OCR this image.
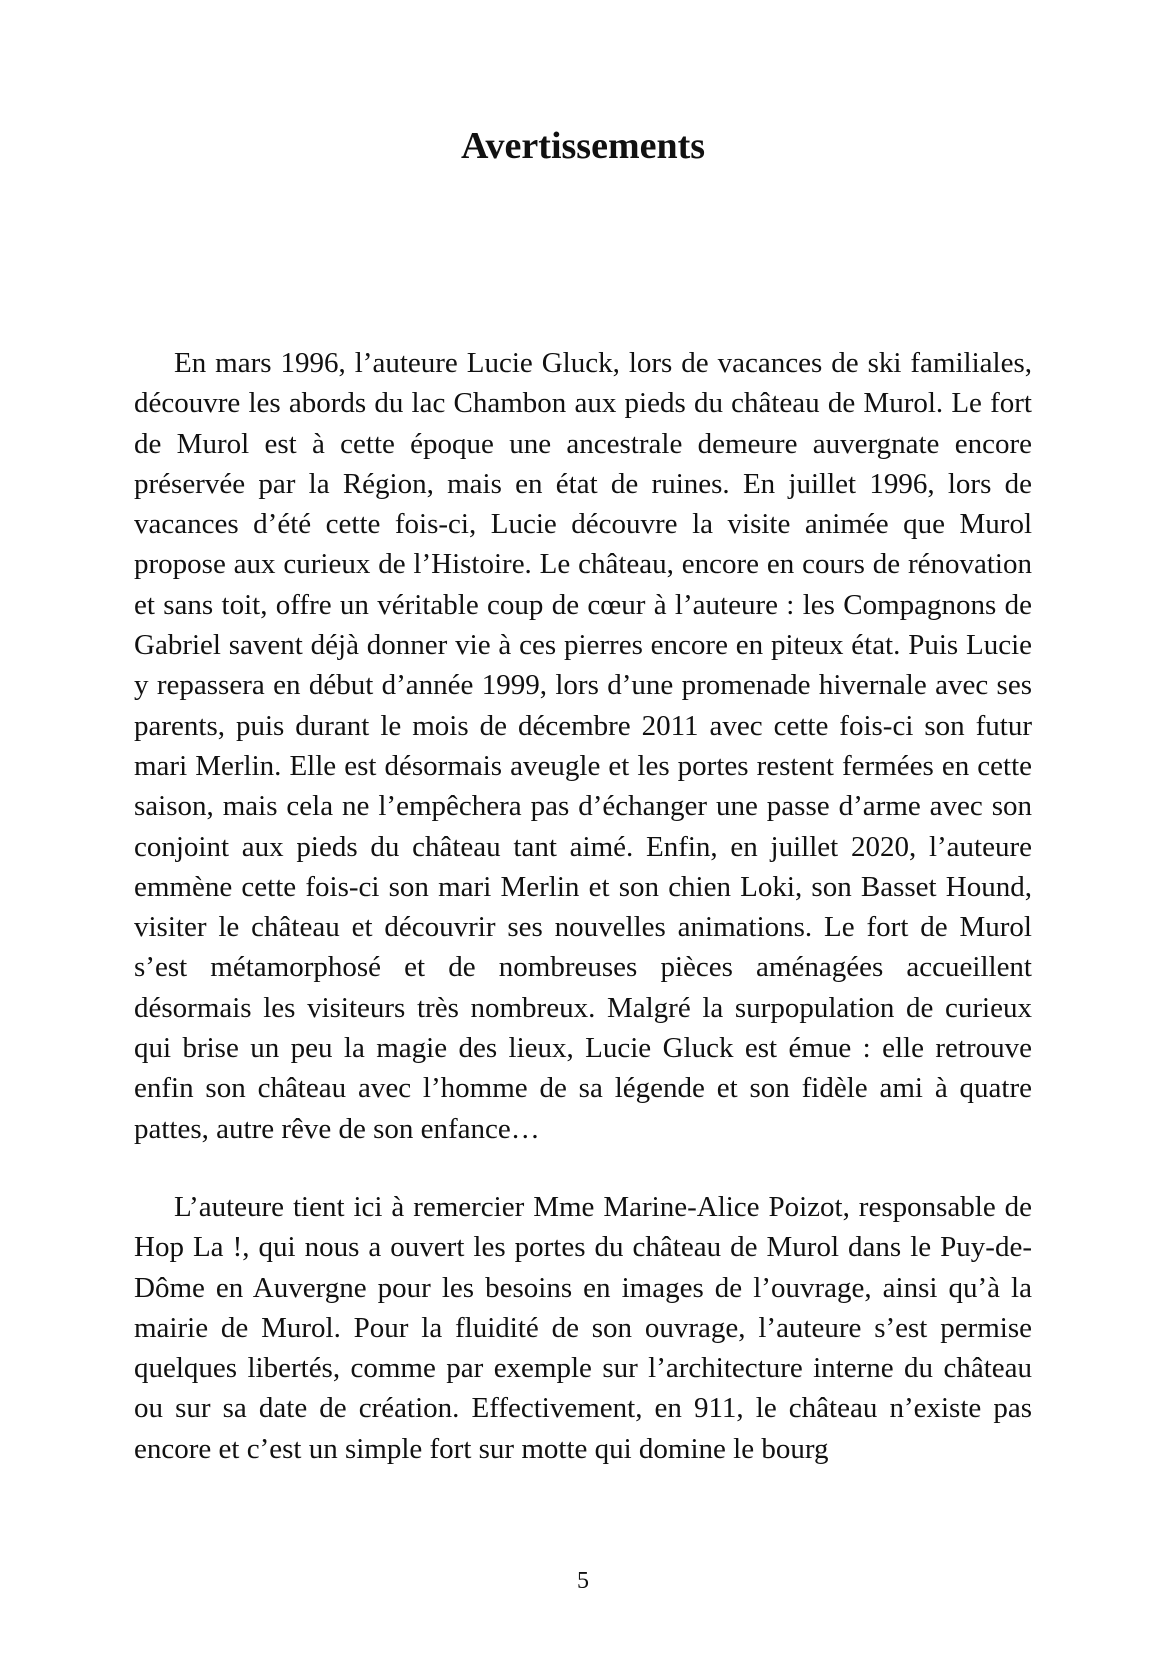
Avertissements

En mars 1996, l’auteure Lucie Gluck, lors de vacances de ski familiales, découvre les abords du lac Chambon aux pieds du château de Murol. Le fort de Murol est à cette époque une ancestrale demeure auvergnate encore préservée par la Région, mais en état de ruines. En juillet 1996, lors de vacances d’été cette fois-ci, Lucie découvre la visite animée que Murol propose aux curieux de l’Histoire. Le château, encore en cours de rénovation et sans toit, offre un véritable coup de cœur à l’auteure : les Compagnons de Gabriel savent déjà donner vie à ces pierres encore en piteux état. Puis Lucie y repassera en début d’année 1999, lors d’une promenade hivernale avec ses parents, puis durant le mois de décembre 2011 avec cette fois-ci son futur mari Merlin. Elle est désormais aveugle et les portes restent fermées en cette saison, mais cela ne l’empêchera pas d’échanger une passe d’arme avec son conjoint aux pieds du château tant aimé. Enfin, en juillet 2020, l’auteure emmène cette fois-ci son mari Merlin et son chien Loki, son Basset Hound, visiter le château et découvrir ses nouvelles animations. Le fort de Murol s’est métamorphosé et de nombreuses pièces aménagées accueillent désormais les visiteurs très nombreux. Malgré la surpopulation de curieux qui brise un peu la magie des lieux, Lucie Gluck est émue : elle retrouve enfin son château avec l’homme de sa légende et son fidèle ami à quatre pattes, autre rêve de son enfance…

L’auteure tient ici à remercier Mme Marine-Alice Poizot, responsable de Hop La !, qui nous a ouvert les portes du château de Murol dans le Puy-de-Dôme en Auvergne pour les besoins en images de l’ouvrage, ainsi qu’à la mairie de Murol. Pour la fluidité de son ouvrage, l’auteure s’est permise quelques libertés, comme par exemple sur l’architecture interne du château ou sur sa date de création. Effectivement, en 911, le château n’existe pas encore et c’est un simple fort sur motte qui domine le bourg

5
